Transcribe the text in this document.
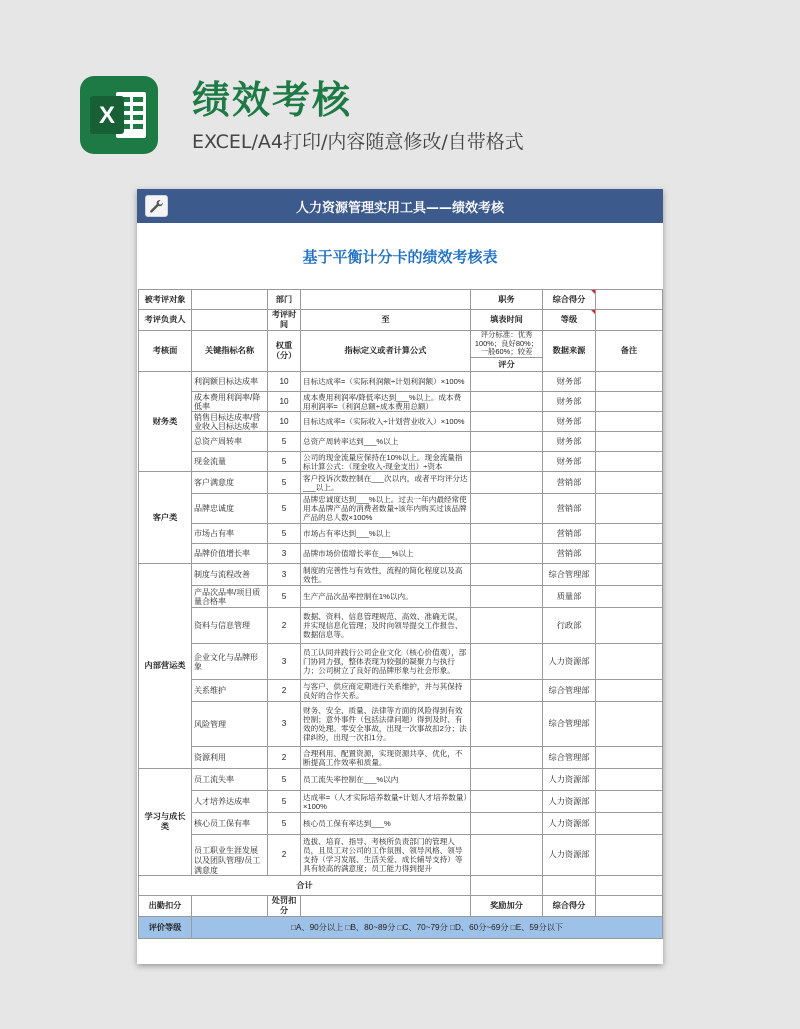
X 绩效考核
EXCEL/A4打印/内容随意修改/自带格式
人力资源管理实用工具——绩效考核
基于平衡计分卡的绩效考核表
被考评对象		部门		职务	综合得分	
考评负责人		考评时间	至	填表时间	等级	
考核面	关键指标名称	权重（分）	指标定义或者计算公式	评分标准：优秀100%；良好80%；一般60%；较差	数据来源	备注
				评分		
财务类	利润额目标达成率	10	目标达成率=（实际利润额÷计划利润额）×100%		财务部	

	成本费用利润率/降低率	10	成本费用利润率/降低率达到___%以上。成本费用利润率=（利润总额÷成本费用总额）		财务部	

	销售目标达成率/营业收入目标达成率	10	目标达成率=（实际收入÷计划营业收入）×100%		财务部	

	总资产周转率	5	总资产周转率达到___%以上		财务部	

	现金流量	5	公司的现金流量应保持在10%以上。现金流量指标计算公式：（现金收入-现金支出）÷资本		财务部	
客户类	客户满意度	5	客户投诉次数控制在___次以内，或者平均评分达___以上。		营销部	

	品牌忠诚度	5	品牌忠诚度达到___%以上。过去一年内最经常使用本品牌产品的消费者数量÷该年内购买过该品牌产品的总人数×100%		营销部	

	市场占有率	5	市场占有率达到___%以上		营销部	

	品牌价值增长率	3	品牌市场价值增长率在___%以上		营销部	
内部营运类	制度与流程改善	3	制度的完善性与有效性，流程的简化程度以及高效性。		综合管理部	

	产品次品率/项目质量合格率	5	生产产品次品率控制在1%以内。		质量部	

	资料与信息管理	2	数据、资料、信息管理规范、高效、准确无误，并实现信息化管理；及时向领导提交工作报告、数据信息等。		行政部	

	企业文化与品牌形象	3	员工认同并践行公司企业文化（核心价值观），部门协同力强，整体表现为较强的凝聚力与执行力；公司树立了良好的品牌形象与社会形象。		人力资源部	

	关系维护	2	与客户、供应商定期进行关系维护，并与其保持良好的合作关系。		综合管理部	

	风险管理	3	财务、安全、质量、法律等方面的风险得到有效控制；意外事件（包括法律问题）得到及时、有效的处理。零安全事故，出现一次事故扣2分；法律纠纷，出现一次扣1分。		综合管理部	

	资源利用	2	合理利用、配置资源，实现资源共享、优化，不断提高工作效率和质量。		综合管理部	
学习与成长类	员工流失率	5	员工流失率控制在___%以内		人力资源部	

	人才培养达成率	5	达成率=（人才实际培养数量÷计划人才培养数量）×100%		人力资源部	

	核心员工保有率	5	核心员工保有率达到___%		人力资源部	

	员工职业生涯发展以及团队管理/员工满意度	2	选拔、培育、指导、考核所负责部门的管理人员，且员工对公司的工作氛围、领导风格、领导支持（学习发展、生活关爱、成长辅导支持）等具有较高的满意度；员工能力得到提升		人力资源部	
合计						
出勤扣分		处罚扣分		奖励加分	综合得分	
评价等级	□A、90分以上 □B、80~89分 □C、70~79分 □D、60分~69分 □E、59分以下					
